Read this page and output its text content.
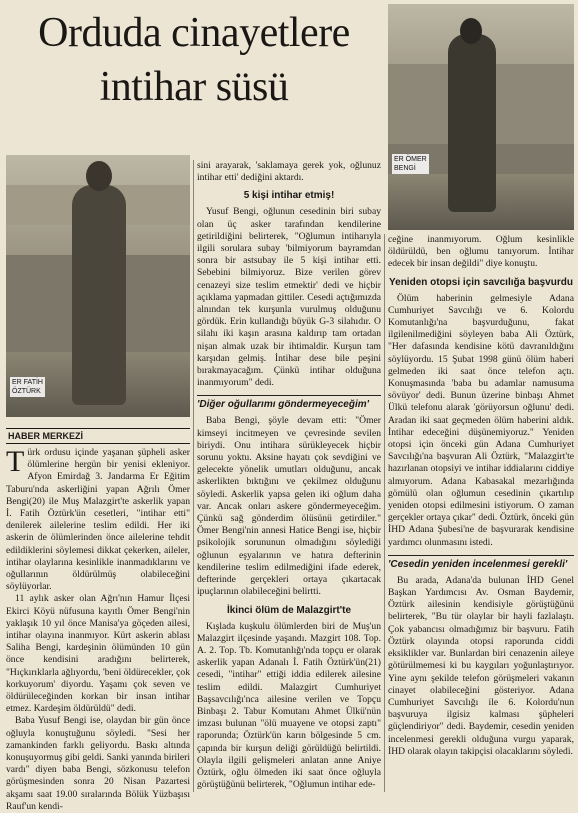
Orduda cinayetlere
intihar süsü
ER ÖMER
BENGİ
ER FATİH
ÖZTÜRK
HABER MERKEZİ

Türk ordusu içinde yaşanan şüpheli asker ölümlerine hergün bir yenisi ekleniyor. Afyon Emirdağ 3. Jandarma Er Eğitim Taburu'nda askerliğini yapan Ağrılı Ömer Bengi(20) ile Muş Malazgirt'te askerlik yapan İ. Fatih Öztürk'ün cesetleri, "intihar etti" denilerek ailelerine teslim edildi. Her iki askerin de ölümlerinden önce ailelerine tehdit edildiklerini söylemesi dikkat çekerken, aileler, intihar olaylarına kesinlikle inanmadıklarını ve oğullarının öldürülmüş olabileceğini söylüyorlar.

11 aylık asker olan Ağrı'nın Hamur İlçesi Ekirci Köyü nüfusuna kayıtlı Ömer Bengi'nin yaklaşık 10 yıl önce Manisa'ya göçeden ailesi, intihar olayına inanmıyor. Kürt askerin ablası Saliha Bengi, kardeşinin ölümünden 10 gün önce kendisini aradığını belirterek, "Hıçkırıklarla ağlıyordu, 'beni öldürecekler, çok korkuyorum' diyordu. Yaşamı çok seven ve öldürüleceğinden korkan bir insan intihar etmez. Kardeşim öldürüldü" dedi.

Baba Yusuf Bengi ise, olaydan bir gün önce oğluyla konuştuğunu söyledi. "Sesi her zamankinden farklı geliyordu. Baskı altında konuşuyormuş gibi geldi. Sanki yanında birileri vardı" diyen baba Bengi, sözkonusu telefon görüşmesinden sonra 20 Nisan Pazartesi akşamı saat 19.00 sıralarında Bölük Yüzbaşısı Rauf'un kendi-

sini arayarak, 'saklamaya gerek yok, oğlunuz intihar etti' dediğini aktardı.

5 kişi intihar etmiş!

Yusuf Bengi, oğlunun cesedinin biri subay olan üç asker tarafından kendilerine getirildiğini belirterek, "Oğlumun intiharıyla ilgili sorulara subay 'bilmiyorum bayramdan sonra bir astsubay ile 5 kişi intihar etti. Sebebini bilmiyoruz. Bize verilen görev cenazeyi size teslim etmektir' dedi ve hiçbir açıklama yapmadan gittiler. Cesedi açtığımızda alnından tek kurşunla vurulmuş olduğunu gördük. Erin kullandığı büyük G-3 silahıdır. O silahı iki kaşın arasına kaldırıp tam ortadan nişan almak uzak bir ihtimaldir. Kurşun tam karşıdan gelmiş. İntihar dese bile peşini bırakmayacağım. Çünkü intihar olduğuna inanmıyorum" dedi.

'Diğer oğullarımı göndermeyeceğim'

Baba Bengi, şöyle devam etti: "Ömer kimseyi incitmeyen ve çevresinde sevilen biriydi. Onu intihara sürükleyecek hiçbir sorunu yoktu. Aksine hayatı çok sevdiğini ve gelecekte yönelik umutları olduğunu, ancak askerlikten bıktığını ve çekilmez olduğunu söyledi. Askerlik yapsa gelen iki oğlum daha var. Ancak onları askere göndermeyeceğim. Çünkü sağ gönderdim ölüsünü getirdiler." Ömer Bengi'nin annesi Hatice Bengi ise, hiçbir psikolojik sorununun olmadığını söylediği oğlunun eşyalarının ve hatıra defterinin kendilerine teslim edilmediğini ifade ederek, defterinde gerçekleri ortaya çıkartacak ipuçlarının olabileceğini belirtti.

İkinci ölüm de Malazgirt'te

Kışlada kuşkulu ölümlerden biri de Muş'un Malazgirt ilçesinde yaşandı. Mazgirt 108. Top. A. 2. Top. Tb. Komutanlığı'nda topçu er olarak askerlik yapan Adanalı İ. Fatih Öztürk'ün(21) cesedi, "intihar" ettiği iddia edilerek ailesine teslim edildi. Malazgirt Cumhuriyet Başsavcılığı'nca ailesine verilen ve Topçu Binbaşı 2. Tabur Komutanı Ahmet Ülkü'nün imzası bulunan "ölü muayene ve otopsi zaptı" raporunda; Öztürk'ün karın bölgesinde 5 cm. çapında bir kurşun deliği görüldüğü belirtildi. Olayla ilgili gelişmeleri anlatan anne Aniye Öztürk, oğlu ölmeden iki saat önce oğluyla görüştüğünü belirterek, "Oğlumun intihar ede-

ceğine inanmıyorum. Oğlum kesinlikle öldürüldü, ben oğlumu tanıyorum. İntihar edecek bir insan değildi" diye konuştu.

Yeniden otopsi için savcılığa başvurdu

Ölüm haberinin gelmesiyle Adana Cumhuriyet Savcılığı ve 6. Kolordu Komutanlığı'na başvurduğunu, fakat ilgilenilmediğini söyleyen baba Ali Öztürk, "Her dafasında kendisine kötü davranıldığını söylüyordu. 15 Şubat 1998 günü ölüm haberi gelmeden iki saat önce telefon açtı. Konuşmasında 'baba bu adamlar namusuma sövüyor' dedi. Bunun üzerine binbaşı Ahmet Ülkü telefonu alarak 'görüyorsun oğlunu' dedi. Aradan iki saat geçmeden ölüm haberini aldık. İntihar edeceğini düşünemiyoruz." Yeniden otopsi için önceki gün Adana Cumhuriyet Savcılığı'na başvuran Ali Öztürk, "Malazgirt'te hazırlanan otopsiyi ve intihar iddialarını ciddiye almıyorum. Adana Kabasakal mezarlığında gömülü olan oğlumun cesedinin çıkartılıp yeniden otopsi edilmesini istiyorum. O zaman gerçekler ortaya çıkar" dedi. Öztürk, önceki gün İHD Adana Şubesi'ne de başvurarak kendisine yardımcı olunmasını istedi.

'Cesedin yeniden incelenmesi gerekli'

Bu arada, Adana'da bulunan İHD Genel Başkan Yardımcısı Av. Osman Baydemir, Öztürk ailesinin kendisiyle görüştüğünü belirterek, "Bu tür olaylar bir hayli fazlalaştı. Çok yabancısı olmadığımız bir başvuru. Fatih Öztürk olayında otopsi raporunda ciddi eksiklikler var. Bunlardan biri cenazenin aileye götürülmemesi ki bu kaygıları yoğunlaştırıyor. Yine aynı şekilde telefon görüşmeleri vakanın cinayet olabileceğini gösteriyor. Adana Cumhuriyet Savcılığı ile 6. Kolordu'nun başvuruya ilgisiz kalması şüpheleri güçlendiriyor" dedi. Baydemir, cesedin yeniden incelenmesi gerekli olduğuna vurgu yaparak, İHD olarak olayın takipçisi olacaklarını söyledi.
